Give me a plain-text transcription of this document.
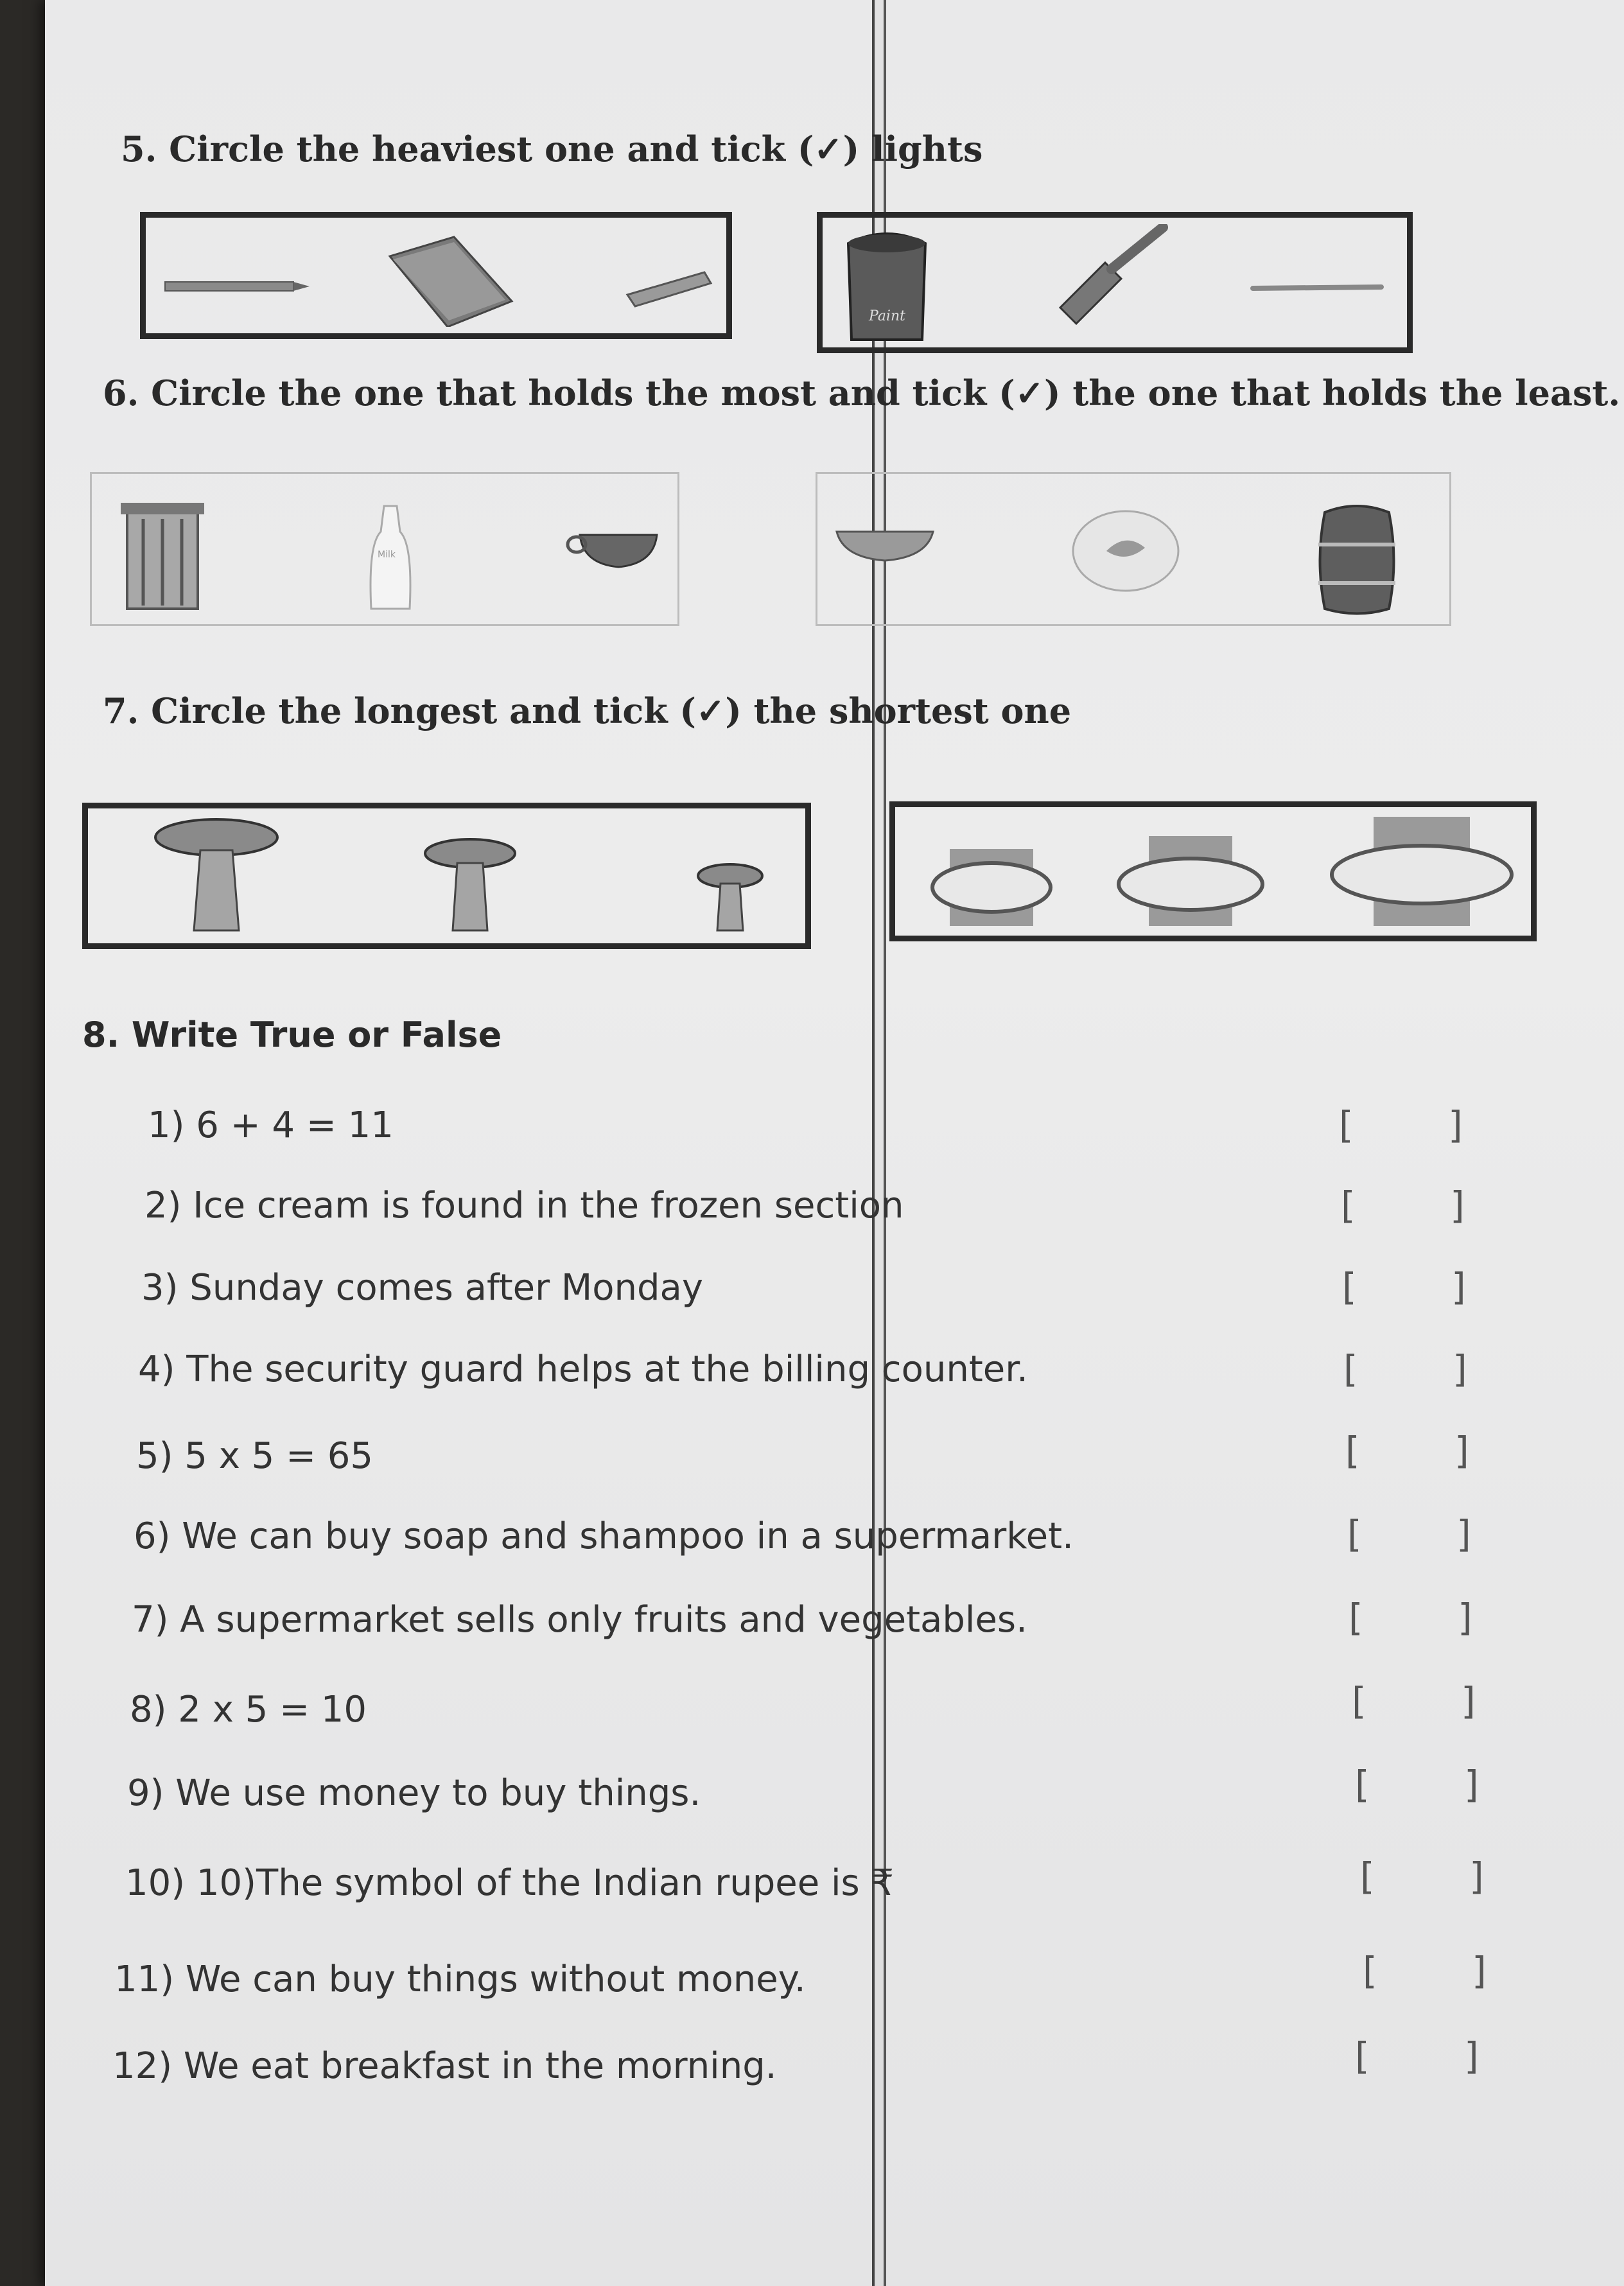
5. Circle the heaviest one and tick (✓) lights
Paint
6. Circle the one that holds the most and tick (✓) the one that holds the least.
Milk
7. Circle the longest and tick (✓) the shortest one
8. Write True or False
1) 6 + 4 = 11	[        ]
2) Ice cream is found in the frozen section	[        ]
3) Sunday comes after Monday	[        ]
4) The security guard helps at the billing counter.	[        ]
5) 5 x 5 = 65	[        ]
6) We can buy soap and shampoo in a supermarket.	[        ]
7) A supermarket sells only fruits and vegetables.	[        ]
8) 2 x 5 = 10	[        ]
9) We use money to buy things.	[        ]
10) 10)The symbol of the Indian rupee is ₹	[        ]
11) We can buy things without money.	[        ]
12) We eat breakfast in the morning.	[        ]
